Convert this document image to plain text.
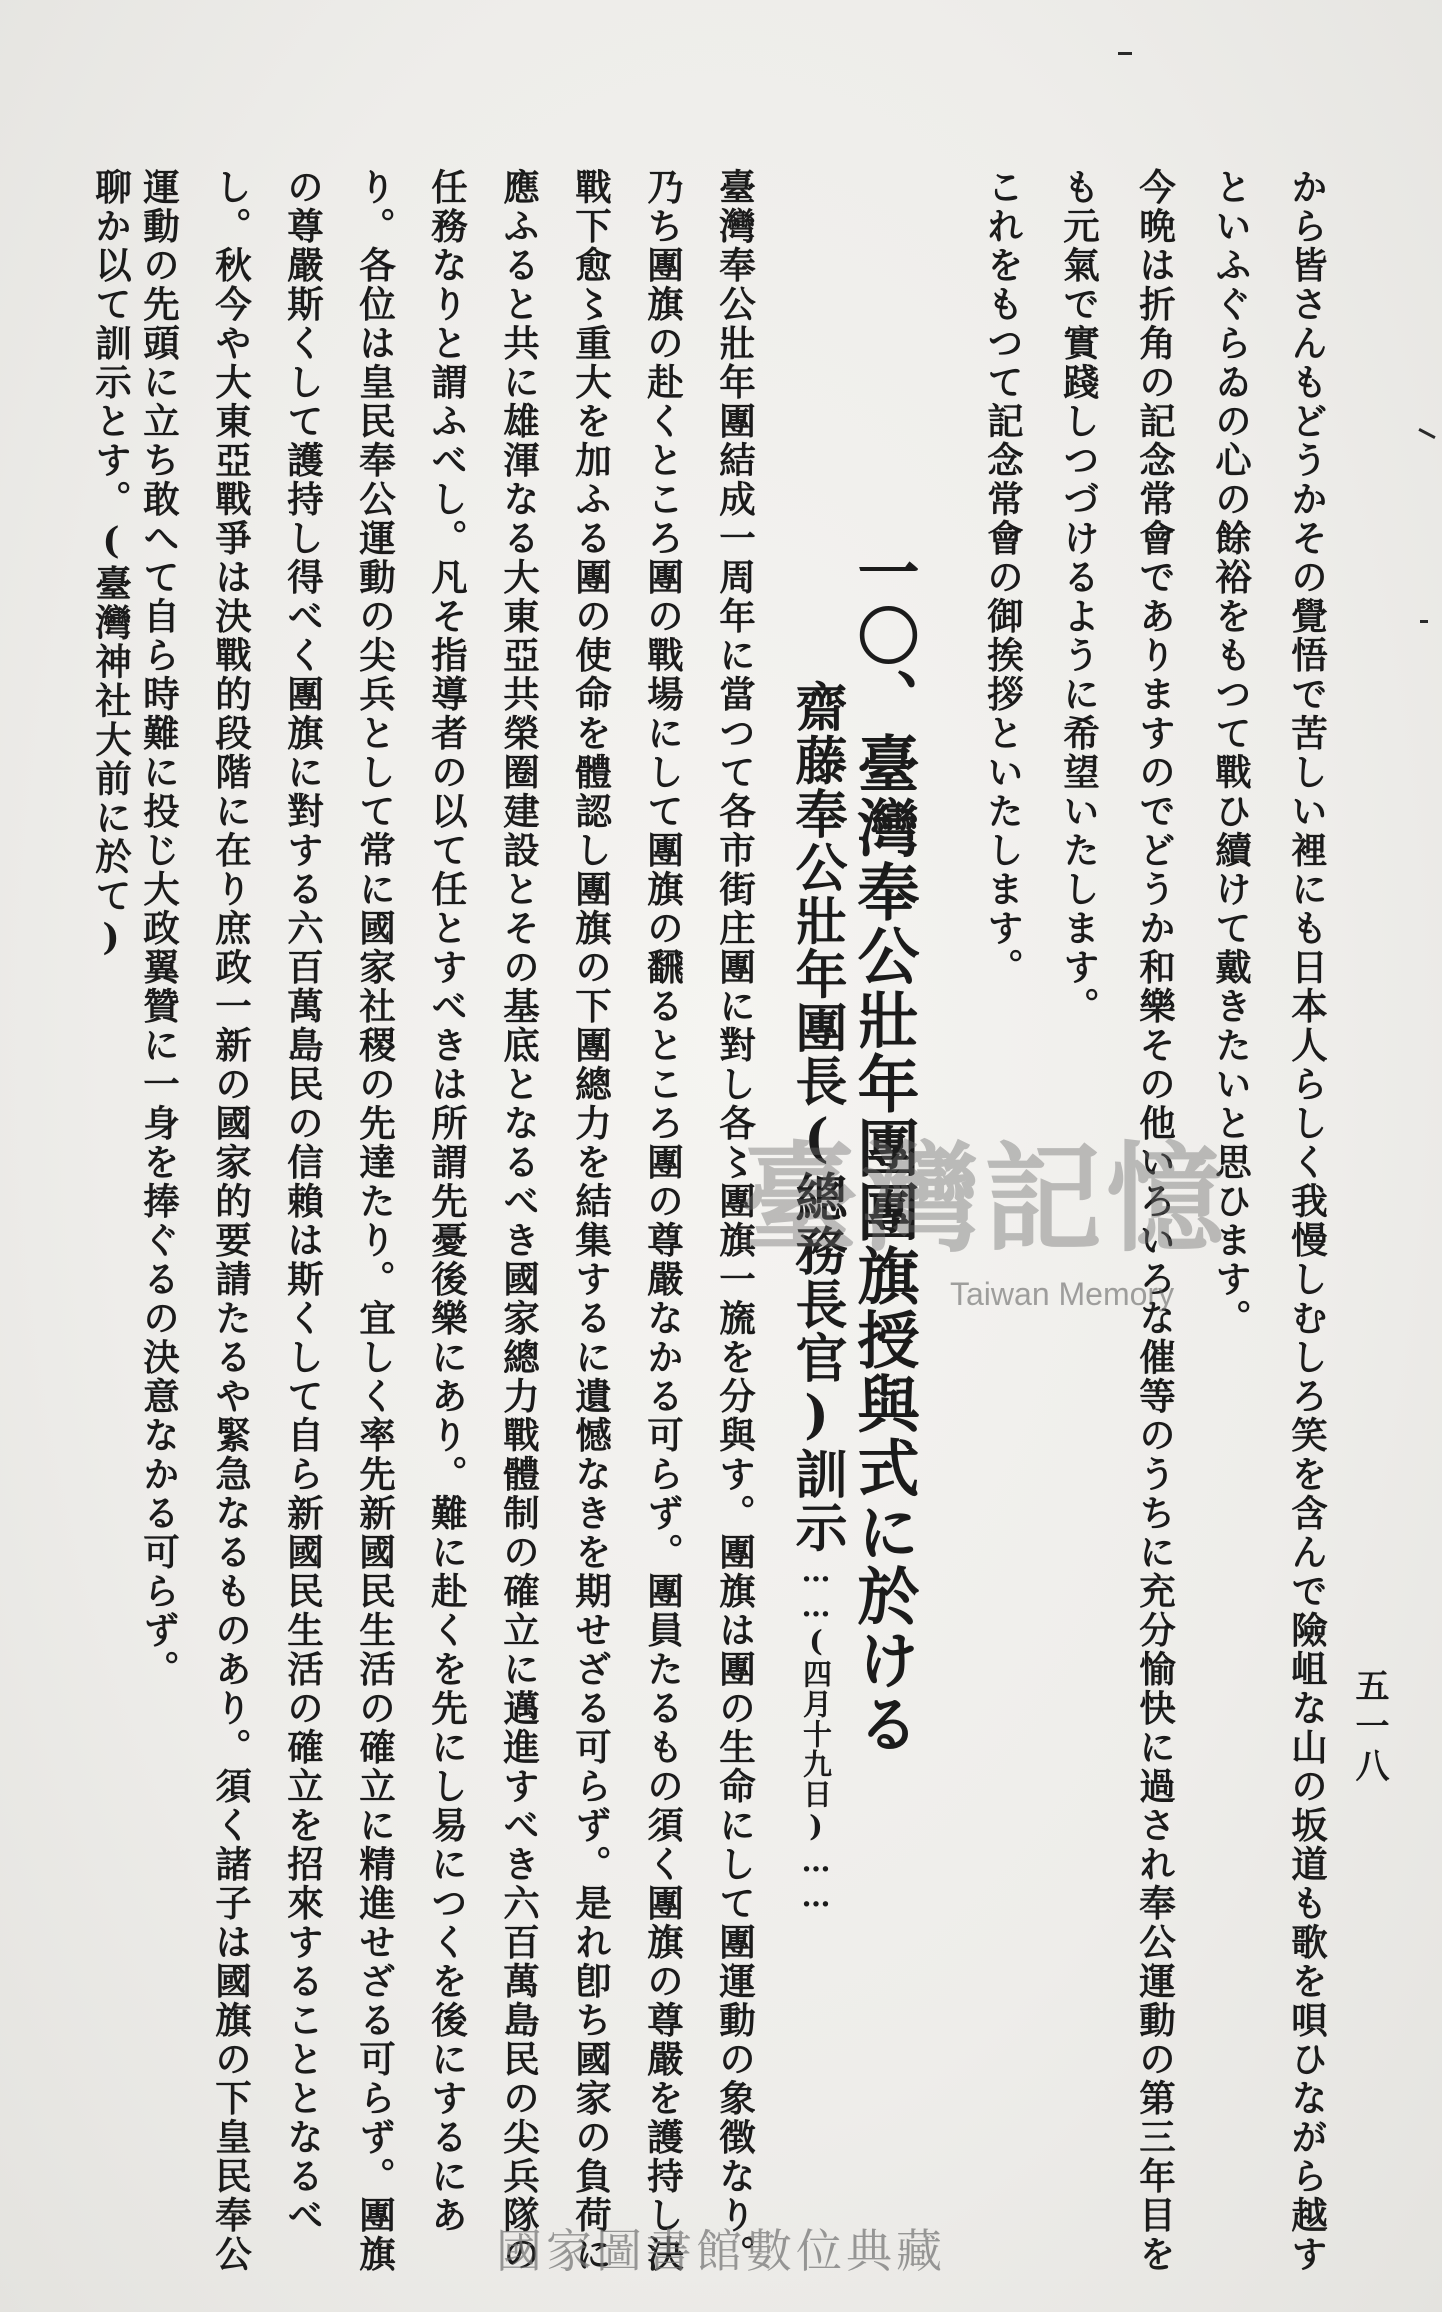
五一八
から皆さんもどうかその覺悟で苦しい裡にも日本人らしく我慢しむしろ笑を含んで險岨な山の坂道も歌を唄ひながら越す
といふぐらゐの心の餘裕をもつて戰ひ續けて戴きたいと思ひます。
今晩は折角の記念常會でありますのでどうか和樂その他いろいろな催等のうちに充分愉快に過され奉公運動の第三年目を
も元氣で實踐しつづけるように希望いたします。
これをもつて記念常會の御挨拶といたします。
一〇、臺灣奉公壯年團團旗授與式に於ける
齋藤奉公壯年團長(總務長官)訓示……(四月十九日)……
臺灣奉公壯年團結成一周年に當つて各市街庄團に對し各〻團旗一旒を分與す。團旗は團の生命にして團運動の象徴なり。
乃ち團旗の赴くところ團の戰場にして團旗の飜るところ團の尊嚴なかる可らず。團員たるもの須く團旗の尊嚴を護持し決
戰下愈〻重大を加ふる團の使命を體認し團旗の下團總力を結集するに遺憾なきを期せざる可らず。是れ卽ち國家の負荷に
應ふると共に雄渾なる大東亞共榮圈建設とその基底となるべき國家總力戰體制の確立に邁進すべき六百萬島民の尖兵隊の
任務なりと謂ふべし。凡そ指導者の以て任とすべきは所謂先憂後樂にあり。難に赴くを先にし易につくを後にするにあ
り。各位は皇民奉公運動の尖兵として常に國家社稷の先達たり。宜しく率先新國民生活の確立に精進せざる可らず。團旗
の尊嚴斯くして護持し得べく團旗に對する六百萬島民の信賴は斯くして自ら新國民生活の確立を招來することとなるべ
し。秋今や大東亞戰爭は決戰的段階に在り庶政一新の國家的要請たるや緊急なるものあり。須く諸子は國旗の下皇民奉公
運動の先頭に立ち敢へて自ら時難に投じ大政翼贊に一身を捧ぐるの決意なかる可らず。
聊か以て訓示とす。(臺灣神社大前に於て)
臺灣記憶
Taiwan Memory
國家圖書館數位典藏
